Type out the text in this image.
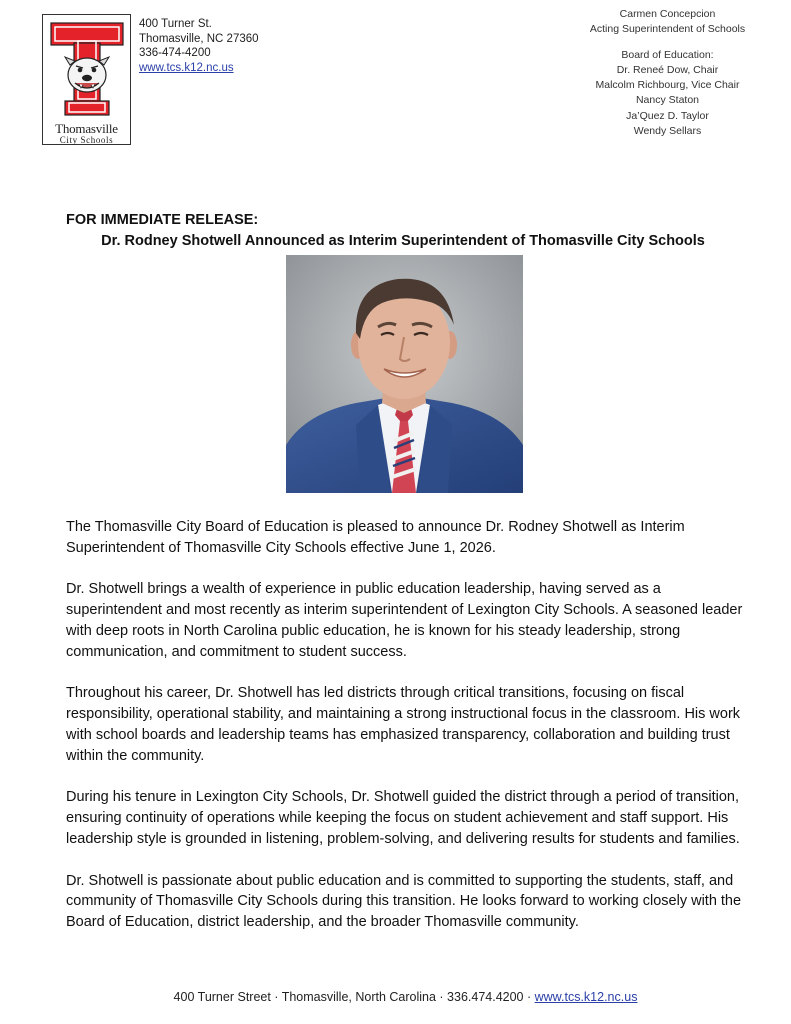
Thomasville
City Schools
400 Turner St.
Thomasville, NC 27360
336-474-4200
www.tcs.k12.nc.us
Carmen Concepcion
Acting Superintendent of Schools
Board of Education:
Dr. Reneé Dow, Chair
Malcolm Richbourg, Vice Chair
Nancy Staton
Ja’Quez D. Taylor
Wendy Sellars
FOR IMMEDIATE RELEASE:
Dr. Rodney Shotwell Announced as Interim Superintendent of Thomasville City Schools

The Thomasville City Board of Education is pleased to announce Dr. Rodney Shotwell as Interim Superintendent of Thomasville City Schools effective June 1, 2026.

Dr. Shotwell brings a wealth of experience in public education leadership, having served as a superintendent and most recently as interim superintendent of Lexington City Schools. A seasoned leader with deep roots in North Carolina public education, he is known for his steady leadership, strong communication, and commitment to student success.

Throughout his career, Dr. Shotwell has led districts through critical transitions, focusing on fiscal responsibility, operational stability, and maintaining a strong instructional focus in the classroom. His work with school boards and leadership teams has emphasized transparency, collaboration and building trust within the community.

During his tenure in Lexington City Schools, Dr. Shotwell guided the district through a period of transition, ensuring continuity of operations while keeping the focus on student achievement and staff support. His leadership style is grounded in listening, problem-solving, and delivering results for students and families.

Dr. Shotwell is passionate about public education and is committed to supporting the students, staff, and community of Thomasville City Schools during this transition. He looks forward to working closely with the Board of Education, district leadership, and the broader Thomasville community.

400 Turner Street · Thomasville, North Carolina · 336.474.4200 · www.tcs.k12.nc.us
